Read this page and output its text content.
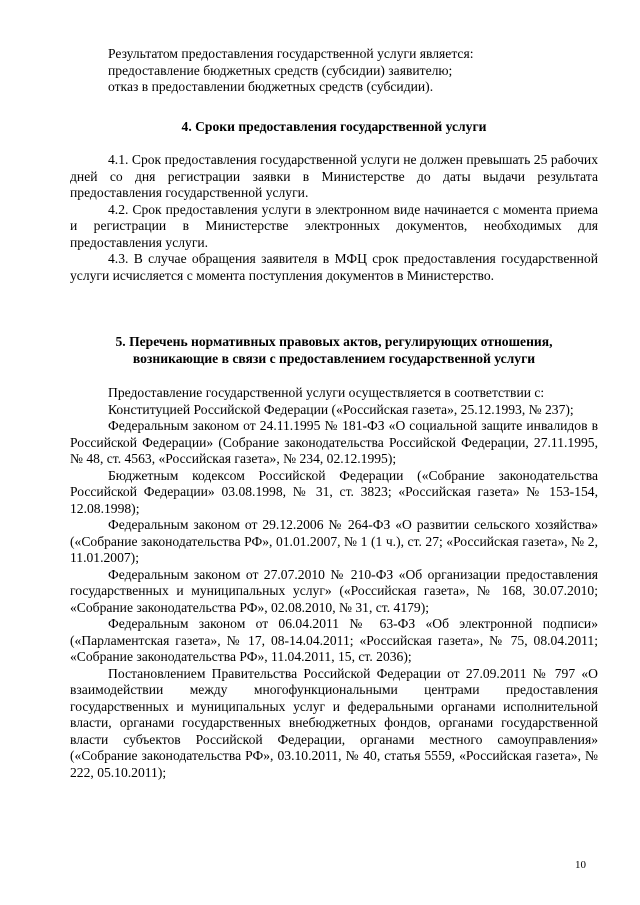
Результатом предоставления государственной услуги является:

предоставление бюджетных средств (субсидии) заявителю;

отказ в предоставлении бюджетных средств (субсидии).

4. Сроки предоставления государственной услуги

4.1. Срок предоставления государственной услуги не должен превышать 25 рабочих дней со дня регистрации заявки в Министерстве до даты выдачи результата предоставления государственной услуги.

4.2. Срок предоставления услуги в электронном виде начинается с момента приема и регистрации в Министерстве электронных документов, необходимых для предоставления услуги.

4.3. В случае обращения заявителя в МФЦ срок предоставления государственной услуги исчисляется с момента поступления документов в Министерство.

5. Перечень нормативных правовых актов, регулирующих отношения,
возникающие в связи с предоставлением государственной услуги

Предоставление государственной услуги осуществляется в соответствии с:

Конституцией Российской Федерации («Российская газета», 25.12.1993, № 237);

Федеральным законом от 24.11.1995 № 181-ФЗ «О социальной защите инвалидов в Российской Федерации» (Собрание законодательства Российской Федерации, 27.11.1995, № 48, ст. 4563, «Российская газета», № 234, 02.12.1995);

Бюджетным кодексом Российской Федерации («Собрание законодательства Российской Федерации» 03.08.1998, № 31, ст. 3823; «Российская газета» № 153-154, 12.08.1998);

Федеральным законом от 29.12.2006 № 264-ФЗ «О развитии сельского хозяйства» («Собрание законодательства РФ», 01.01.2007, № 1 (1 ч.), ст. 27; «Российская газета», № 2, 11.01.2007);

Федеральным законом от 27.07.2010 № 210-ФЗ «Об организации предоставления государственных и муниципальных услуг» («Российская газета», № 168, 30.07.2010; «Собрание законодательства РФ», 02.08.2010, № 31, ст. 4179);

Федеральным законом от 06.04.2011 № 63-ФЗ «Об электронной подписи» («Парламентская газета», № 17, 08-14.04.2011; «Российская газета», № 75, 08.04.2011; «Собрание законодательства РФ», 11.04.2011, 15, ст. 2036);

Постановлением Правительства Российской Федерации от 27.09.2011 № 797 «О взаимодействии между многофункциональными центрами предоставления государственных и муниципальных услуг и федеральными органами исполнительной власти, органами государственных внебюджетных фондов, органами государственной власти субъектов Российской Федерации, органами местного самоуправления» («Собрание законодательства РФ», 03.10.2011, № 40, статья 5559, «Российская газета», № 222, 05.10.2011);

10
